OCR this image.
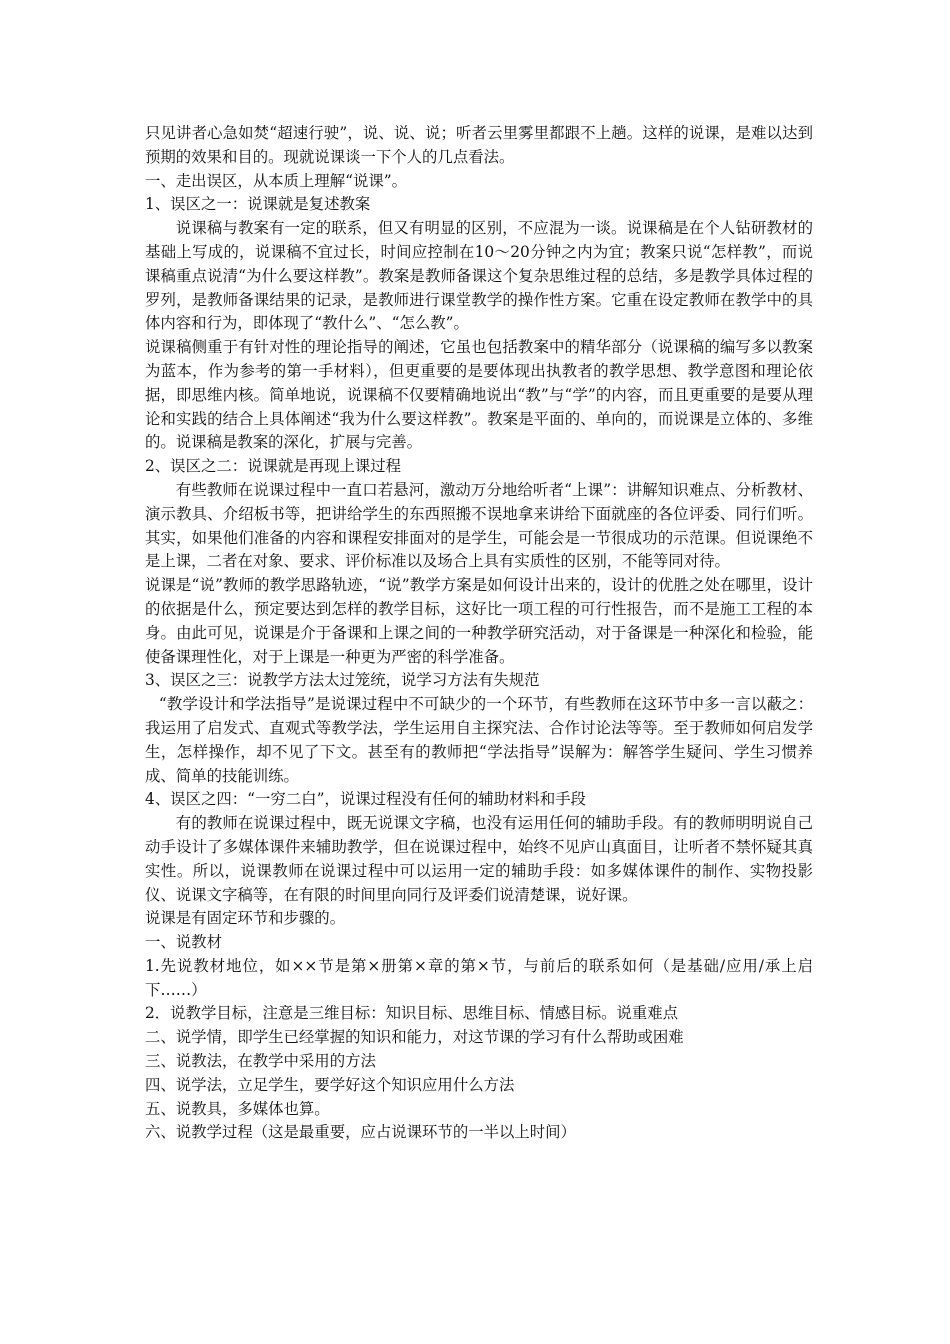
只见讲者心急如焚“超速行驶”，说、说、说；听者云里雾里都跟不上趟。这样的说课，是难以达到预期的效果和目的。现就说课谈一下个人的几点看法。

一、走出误区，从本质上理解“说课”。

1、误区之一：说课就是复述教案

说课稿与教案有一定的联系，但又有明显的区别，不应混为一谈。说课稿是在个人钻研教材的基础上写成的，说课稿不宜过长，时间应控制在10～20分钟之内为宜；教案只说“怎样教”，而说课稿重点说清“为什么要这样教”。教案是教师备课这个复杂思维过程的总结，多是教学具体过程的罗列，是教师备课结果的记录，是教师进行课堂教学的操作性方案。它重在设定教师在教学中的具体内容和行为，即体现了“教什么”、“怎么教”。

说课稿侧重于有针对性的理论指导的阐述，它虽也包括教案中的精华部分（说课稿的编写多以教案为蓝本，作为参考的第一手材料），但更重要的是要体现出执教者的教学思想、教学意图和理论依据，即思维内核。简单地说，说课稿不仅要精确地说出“教”与“学”的内容，而且更重要的是要从理论和实践的结合上具体阐述“我为什么要这样教”。教案是平面的、单向的，而说课是立体的、多维的。说课稿是教案的深化，扩展与完善。

2、误区之二：说课就是再现上课过程

有些教师在说课过程中一直口若悬河，激动万分地给听者“上课”：讲解知识难点、分析教材、演示教具、介绍板书等，把讲给学生的东西照搬不误地拿来讲给下面就座的各位评委、同行们听。其实，如果他们准备的内容和课程安排面对的是学生，可能会是一节很成功的示范课。但说课绝不是上课，二者在对象、要求、评价标准以及场合上具有实质性的区别，不能等同对待。

说课是“说”教师的教学思路轨迹，“说”教学方案是如何设计出来的，设计的优胜之处在哪里，设计的依据是什么，预定要达到怎样的教学目标，这好比一项工程的可行性报告，而不是施工工程的本身。由此可见，说课是介于备课和上课之间的一种教学研究活动，对于备课是一种深化和检验，能使备课理性化，对于上课是一种更为严密的科学准备。

3、误区之三：说教学方法太过笼统，说学习方法有失规范

“教学设计和学法指导”是说课过程中不可缺少的一个环节，有些教师在这环节中多一言以蔽之：我运用了启发式、直观式等教学法，学生运用自主探究法、合作讨论法等等。至于教师如何启发学生，怎样操作，却不见了下文。甚至有的教师把“学法指导”误解为：解答学生疑问、学生习惯养成、简单的技能训练。

4、误区之四：“一穷二白”，说课过程没有任何的辅助材料和手段

有的教师在说课过程中，既无说课文字稿，也没有运用任何的辅助手段。有的教师明明说自己动手设计了多媒体课件来辅助教学，但在说课过程中，始终不见庐山真面目，让听者不禁怀疑其真实性。所以，说课教师在说课过程中可以运用一定的辅助手段：如多媒体课件的制作、实物投影仪、说课文字稿等，在有限的时间里向同行及评委们说清楚课，说好课。

说课是有固定环节和步骤的。

一、说教材

1.先说教材地位，如××节是第×册第×章的第×节，与前后的联系如何（是基础/应用/承上启下……）

2．说教学目标，注意是三维目标：知识目标、思维目标、情感目标。说重难点

二、说学情，即学生已经掌握的知识和能力，对这节课的学习有什么帮助或困难

三、说教法，在教学中采用的方法

四、说学法，立足学生，要学好这个知识应用什么方法

五、说教具，多媒体也算。

六、说教学过程（这是最重要，应占说课环节的一半以上时间）
